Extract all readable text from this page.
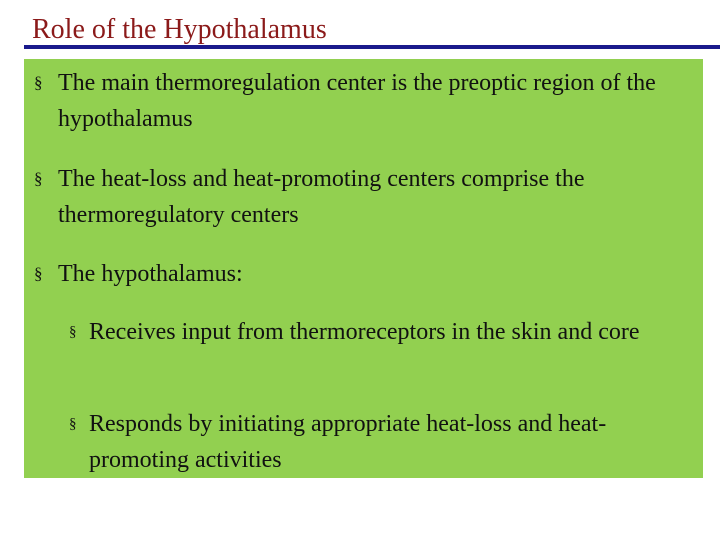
Role of the Hypothalamus

§ The main thermoregulation center is the preoptic region of the hypothalamus

§ The heat-loss and heat-promoting centers comprise the thermoregulatory centers

§ The hypothalamus:

§ Receives input from thermoreceptors in the skin and core

§ Responds by initiating appropriate heat-loss and heat-promoting activities
